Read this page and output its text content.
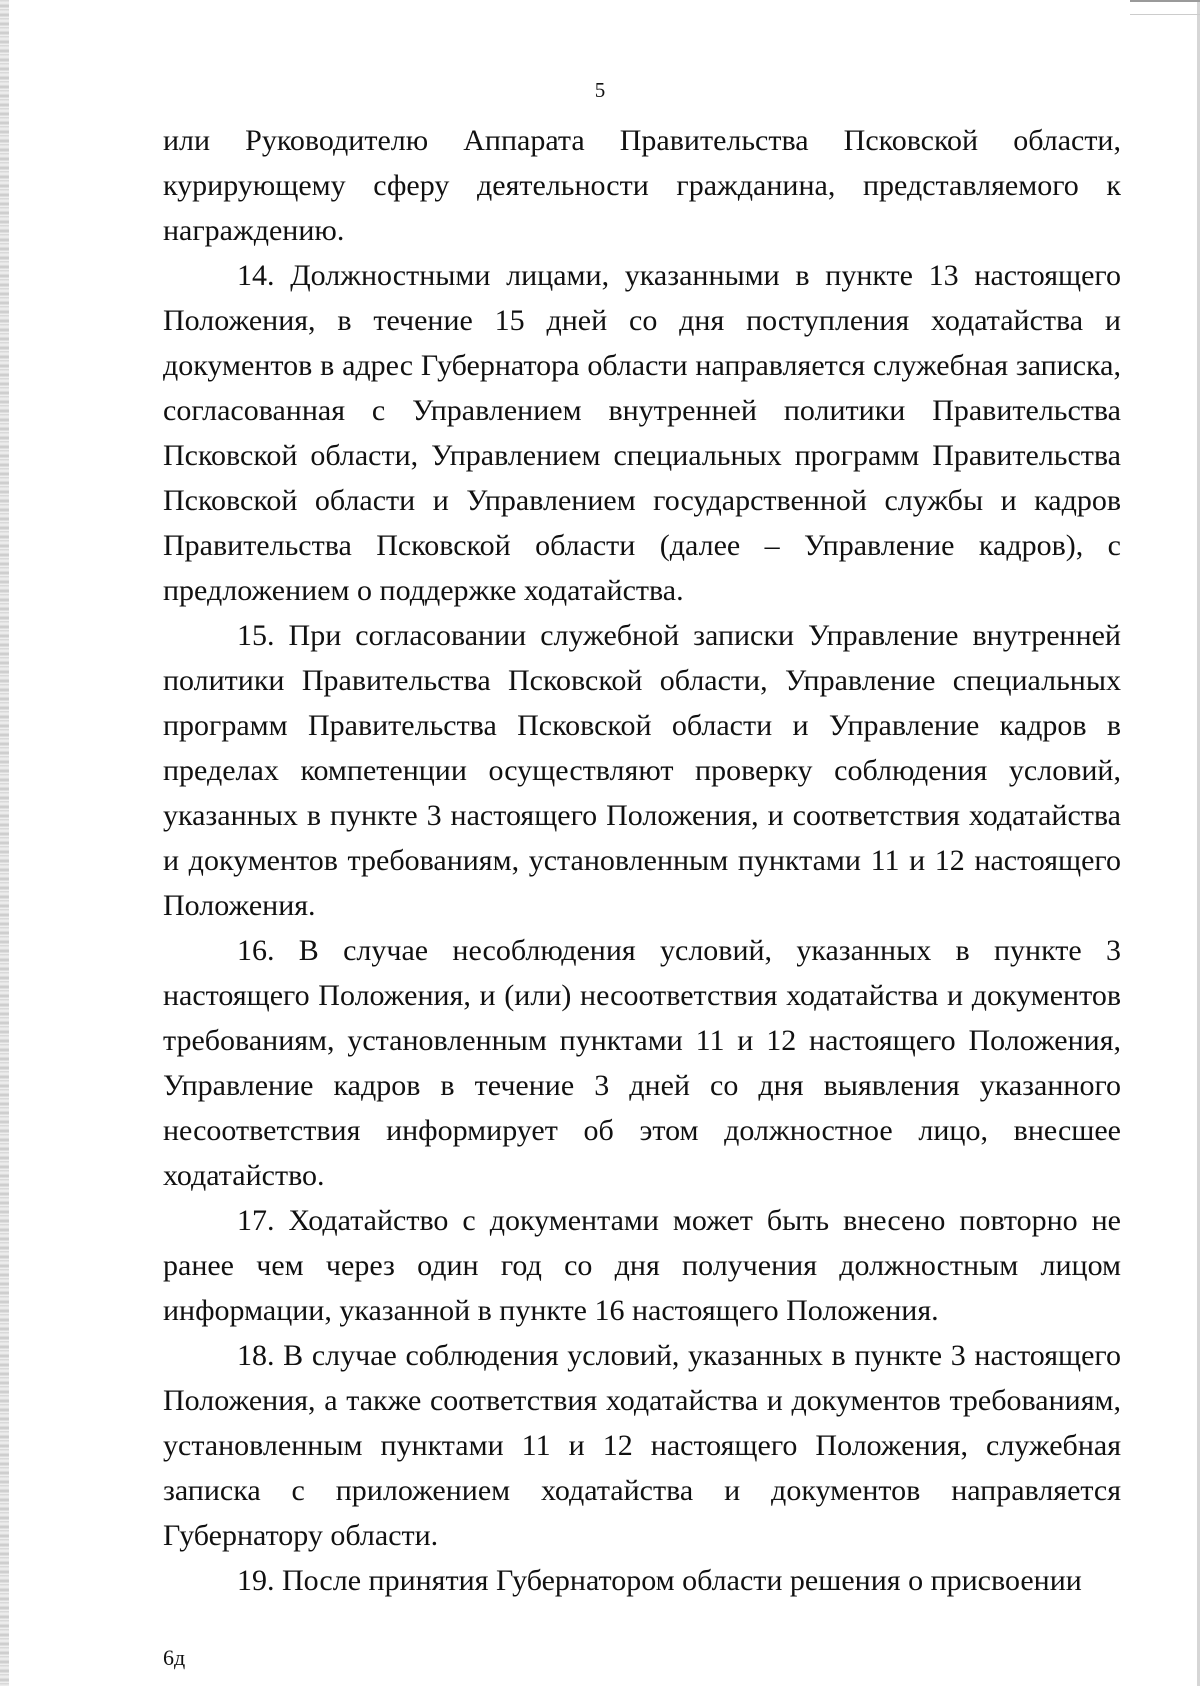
5

или Руководителю Аппарата Правительства Псковской области, курирующему сферу деятельности гражданина, представляемого к награждению.

14. Должностными лицами, указанными в пункте 13 настоящего Положения, в течение 15 дней со дня поступления ходатайства и документов в адрес Губернатора области направляется служебная записка, согласованная с Управлением внутренней политики Правительства Псковской области, Управлением специальных программ Правительства Псковской области и Управлением государственной службы и кадров Правительства Псковской области (далее – Управление кадров), с предложением о поддержке ходатайства.

15. При согласовании служебной записки Управление внутренней политики Правительства Псковской области, Управление специальных программ Правительства Псковской области и Управление кадров в пределах компетенции осуществляют проверку соблюдения условий, указанных в пункте 3 настоящего Положения, и соответствия ходатайства и документов требованиям, установленным пунктами 11 и 12 настоящего Положения.

16. В случае несоблюдения условий, указанных в пункте 3 настоящего Положения, и (или) несоответствия ходатайства и документов требованиям, установленным пунктами 11 и 12 настоящего Положения, Управление кадров в течение 3 дней со дня выявления указанного несоответствия информирует об этом должностное лицо, внесшее ходатайство.

17. Ходатайство с документами может быть внесено повторно не ранее чем через один год со дня получения должностным лицом информации, указанной в пункте 16 настоящего Положения.

18. В случае соблюдения условий, указанных в пункте 3 настоящего Положения, а также соответствия ходатайства и документов требованиям, установленным пунктами 11 и 12 настоящего Положения, служебная записка с приложением ходатайства и документов направляется Губернатору области.

19. После принятия Губернатором области решения о присвоении

6д
